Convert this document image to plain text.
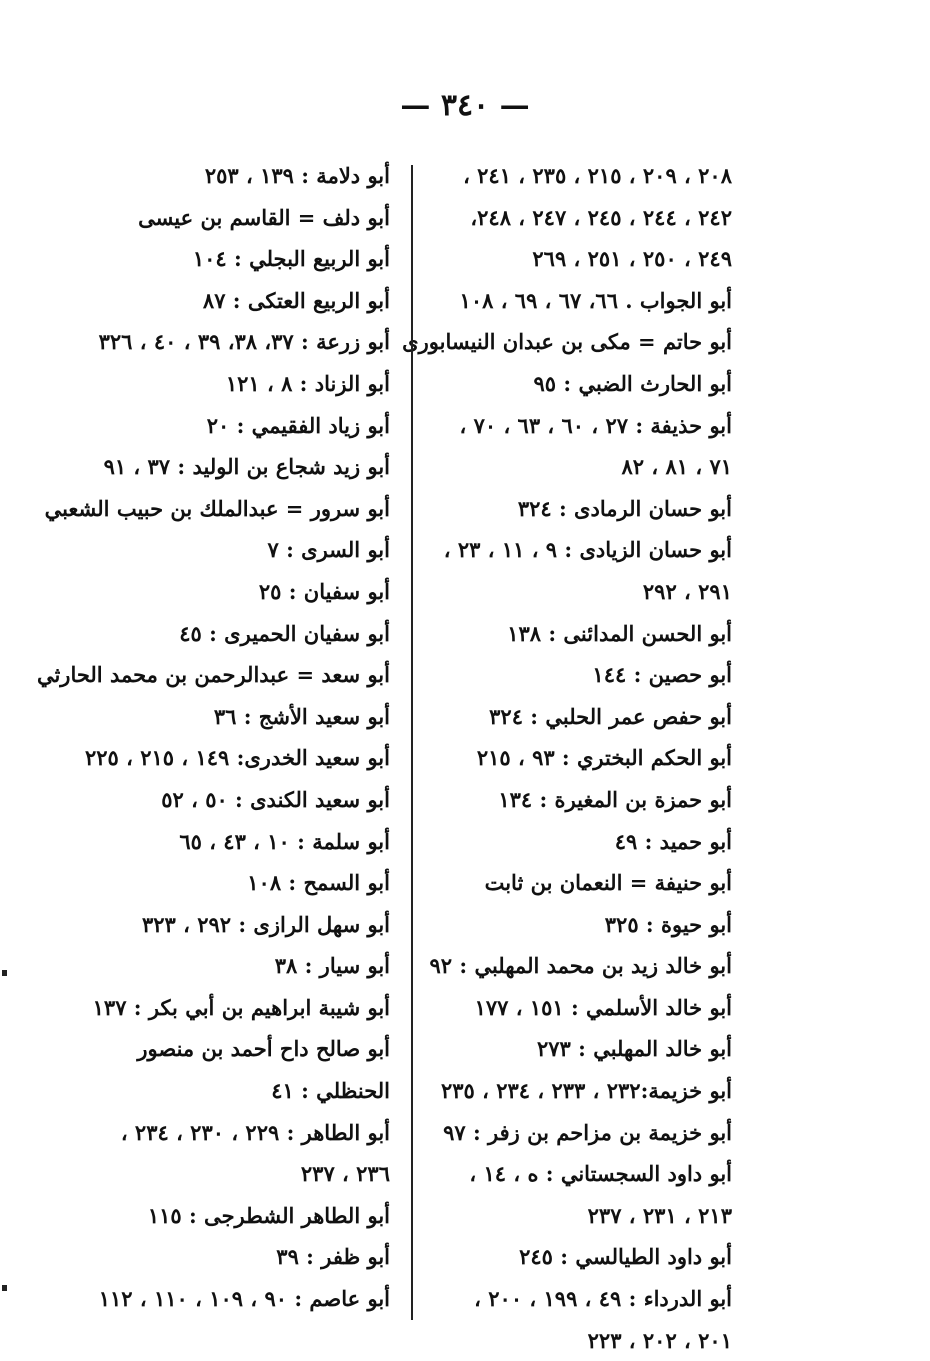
— ٣٤٠ —
٢٠٨ ، ٢٠٩ ، ٢١٥ ، ٢٣٥ ، ٢٤١ ،
٢٤٢ ، ٢٤٤ ، ٢٤٥ ، ٢٤٧ ، ٢٤٨،
٢٤٩ ، ٢٥٠ ، ٢٥١ ، ٢٦٩
أبو الجواب . ٦٦، ٦٧ ، ٦٩ ، ١٠٨
أبو حاتم = مكى بن عبدان النيسابورى
أبو الحارث الضبي : ٩٥
أبو حذيفة : ٢٧ ، ٦٠ ، ٦٣ ، ٧٠ ،
٧١ ، ٨١ ، ٨٢
أبو حسان الرمادى : ٣٢٤
أبو حسان الزيادى : ٩ ، ١١ ، ٢٣ ،
٢٩١ ، ٢٩٢
أبو الحسن المدائنى : ١٣٨
أبو حصين : ١٤٤
أبو حفص عمر الحلبي : ٣٢٤
أبو الحكم البختري : ٩٣ ، ٢١٥
أبو حمزة بن المغيرة : ١٣٤
أبو حميد : ٤٩
أبو حنيفة = النعمان بن ثابت
أبو حيوة : ٣٢٥
أبو خالد زيد بن محمد المهلبي : ٩٢
أبو خالد الأسلمي : ١٥١ ، ١٧٧
أبو خالد المهلبي : ٢٧٣
أبو خزيمة:٢٣٢ ، ٢٣٣ ، ٢٣٤ ، ٢٣٥
أبو خزيمة بن مزاحم بن زفر : ٩٧
أبو داود السجستاني : ه ، ١٤ ،
٢١٣ ، ٢٣١ ، ٢٣٧
أبو داود الطيالسي : ٢٤٥
أبو الدرداء : ٤٩ ، ١٩٩ ، ٢٠٠ ،
٢٠١ ، ٢٠٢ ، ٢٢٣
أبو دلامة : ١٣٩ ، ٢٥٣
أبو دلف = القاسم بن عيسى
أبو الربيع البجلي : ١٠٤
أبو الربيع العتكى : ٨٧
أبو زرعة : ٣٧، ٣٨، ٣٩ ، ٤٠ ، ٣٢٦
أبو الزناد : ٨ ، ١٢١
أبو زياد الفقيمي : ٢٠
أبو زيد شجاع بن الوليد : ٣٧ ، ٩١
أبو سرور = عبدالملك بن حبيب الشعبي
أبو السرى : ٧
أبو سفيان : ٢٥
أبو سفيان الحميرى : ٤٥
أبو سعد = عبدالرحمن بن محمد الحارثي
أبو سعيد الأشج : ٣٦
أبو سعيد الخدرى: ١٤٩ ، ٢١٥ ، ٢٢٥
أبو سعيد الكندى : ٥٠ ، ٥٢
أبو سلمة : ١٠ ، ٤٣ ، ٦٥
أبو السمح : ١٠٨
أبو سهل الرازى : ٢٩٢ ، ٣٢٣
أبو سيار : ٣٨
أبو شيبة ابراهيم بن أبي بكر : ١٣٧
أبو صالح داح أحمد بن منصور
الحنظلي : ٤١
أبو الطاهر : ٢٢٩ ، ٢٣٠ ، ٢٣٤ ،
٢٣٦ ، ٢٣٧
أبو الطاهر الشطرجى : ١١٥
أبو ظفر : ٣٩
أبو عاصم : ٩٠ ، ١٠٩ ، ١١٠ ، ١١٢
